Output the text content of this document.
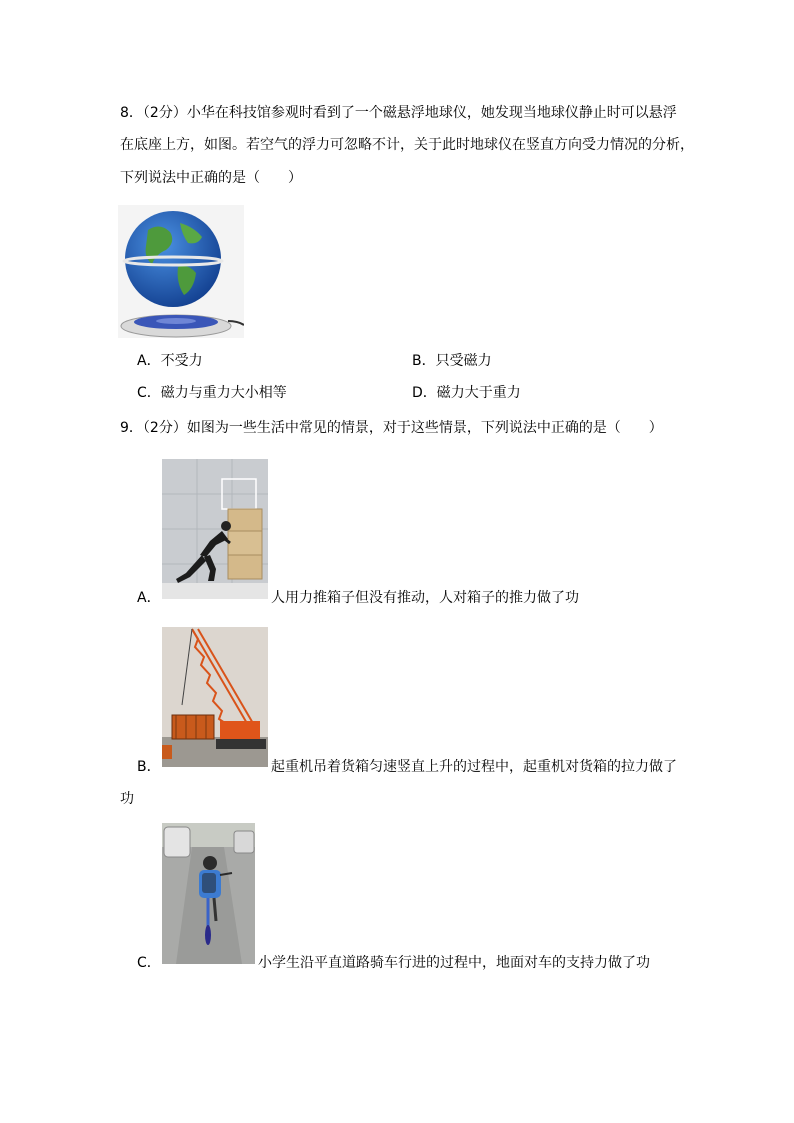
8．（2分）小华在科技馆参观时看到了一个磁悬浮地球仪，她发现当地球仪静止时可以悬浮
在底座上方，如图。若空气的浮力可忽略不计，关于此时地球仪在竖直方向受力情况的分析，
下列说法中正确的是（　　）
A．不受力	B．只受磁力
C．磁力与重力大小相等	D．磁力大于重力
9．（2分）如图为一些生活中常见的情景，对于这些情景，下列说法中正确的是（　　）
A．	人用力推箱子但没有推动，人对箱子的推力做了功
B．	起重机吊着货箱匀速竖直上升的过程中，起重机对货箱的拉力做了
功
C．	小学生沿平直道路骑车行进的过程中，地面对车的支持力做了功
